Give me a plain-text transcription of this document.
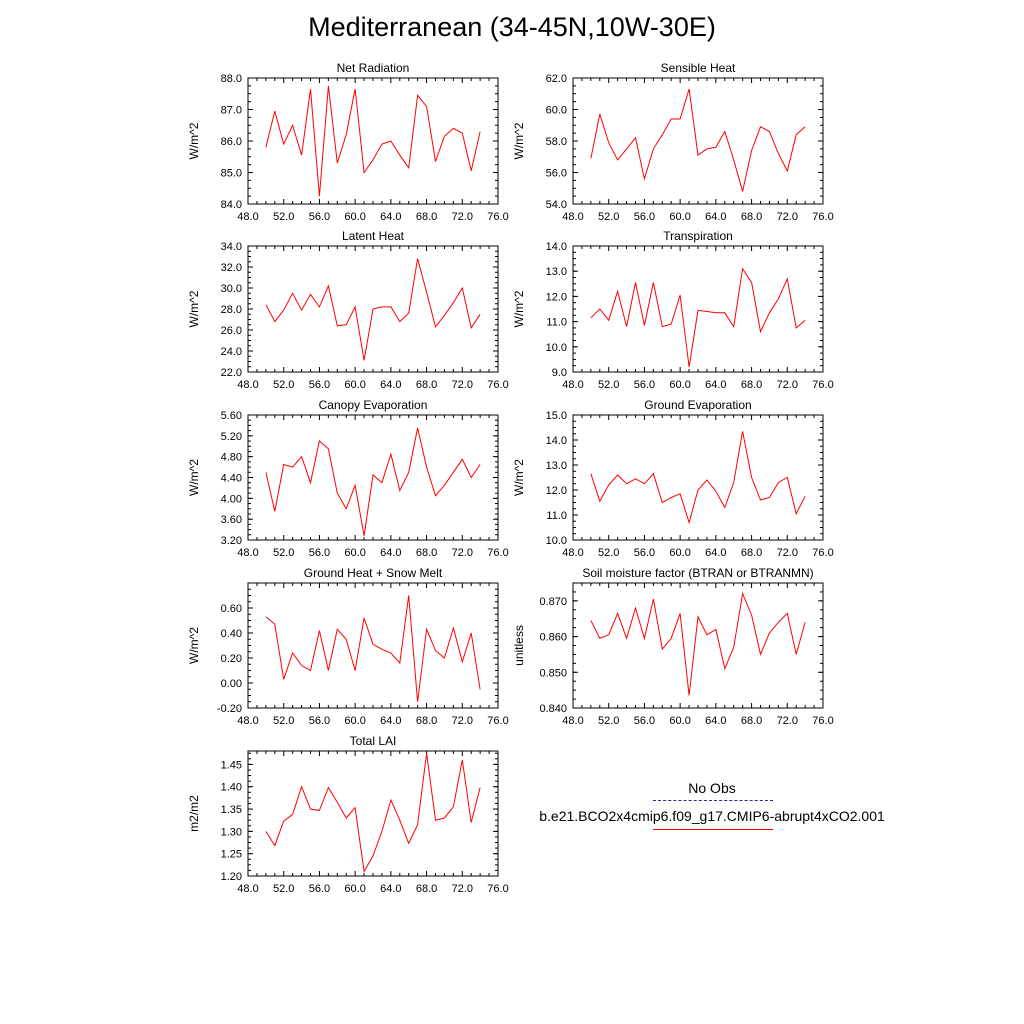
Mediterranean (34-45N,10W-30E)
48.0 52.0 56.0 60.0 64.0 68.0 72.0 76.0
84.0
85.0
86.0
87.0
88.0
Net Radiation
W/m^2
48.0 52.0 56.0 60.0 64.0 68.0 72.0 76.0
54.0
56.0
58.0
60.0
62.0
Sensible Heat
W/m^2
48.0 52.0 56.0 60.0 64.0 68.0 72.0 76.0
22.0
24.0
26.0
28.0
30.0
32.0
34.0
Latent Heat
W/m^2
48.0 52.0 56.0 60.0 64.0 68.0 72.0 76.0
9.0
10.0
11.0
12.0
13.0
14.0
Transpiration
W/m^2
48.0 52.0 56.0 60.0 64.0 68.0 72.0 76.0
3.20
3.60
4.00
4.40
4.80
5.20
5.60
Canopy Evaporation
W/m^2
48.0 52.0 56.0 60.0 64.0 68.0 72.0 76.0
10.0
11.0
12.0
13.0
14.0
15.0
Ground Evaporation
W/m^2
48.0 52.0 56.0 60.0 64.0 68.0 72.0 76.0
-0.20
0.00
0.20
0.40
0.60
Ground Heat + Snow Melt
W/m^2
48.0 52.0 56.0 60.0 64.0 68.0 72.0 76.0
0.840
0.850
0.860
0.870
Soil moisture factor (BTRAN or BTRANMN)
unitless
48.0 52.0 56.0 60.0 64.0 68.0 72.0 76.0
1.20
1.25
1.30
1.35
1.40
1.45
Total LAI
m2/m2
No Obs
b.e21.BCO2x4cmip6.f09_g17.CMIP6-abrupt4xCO2.001
